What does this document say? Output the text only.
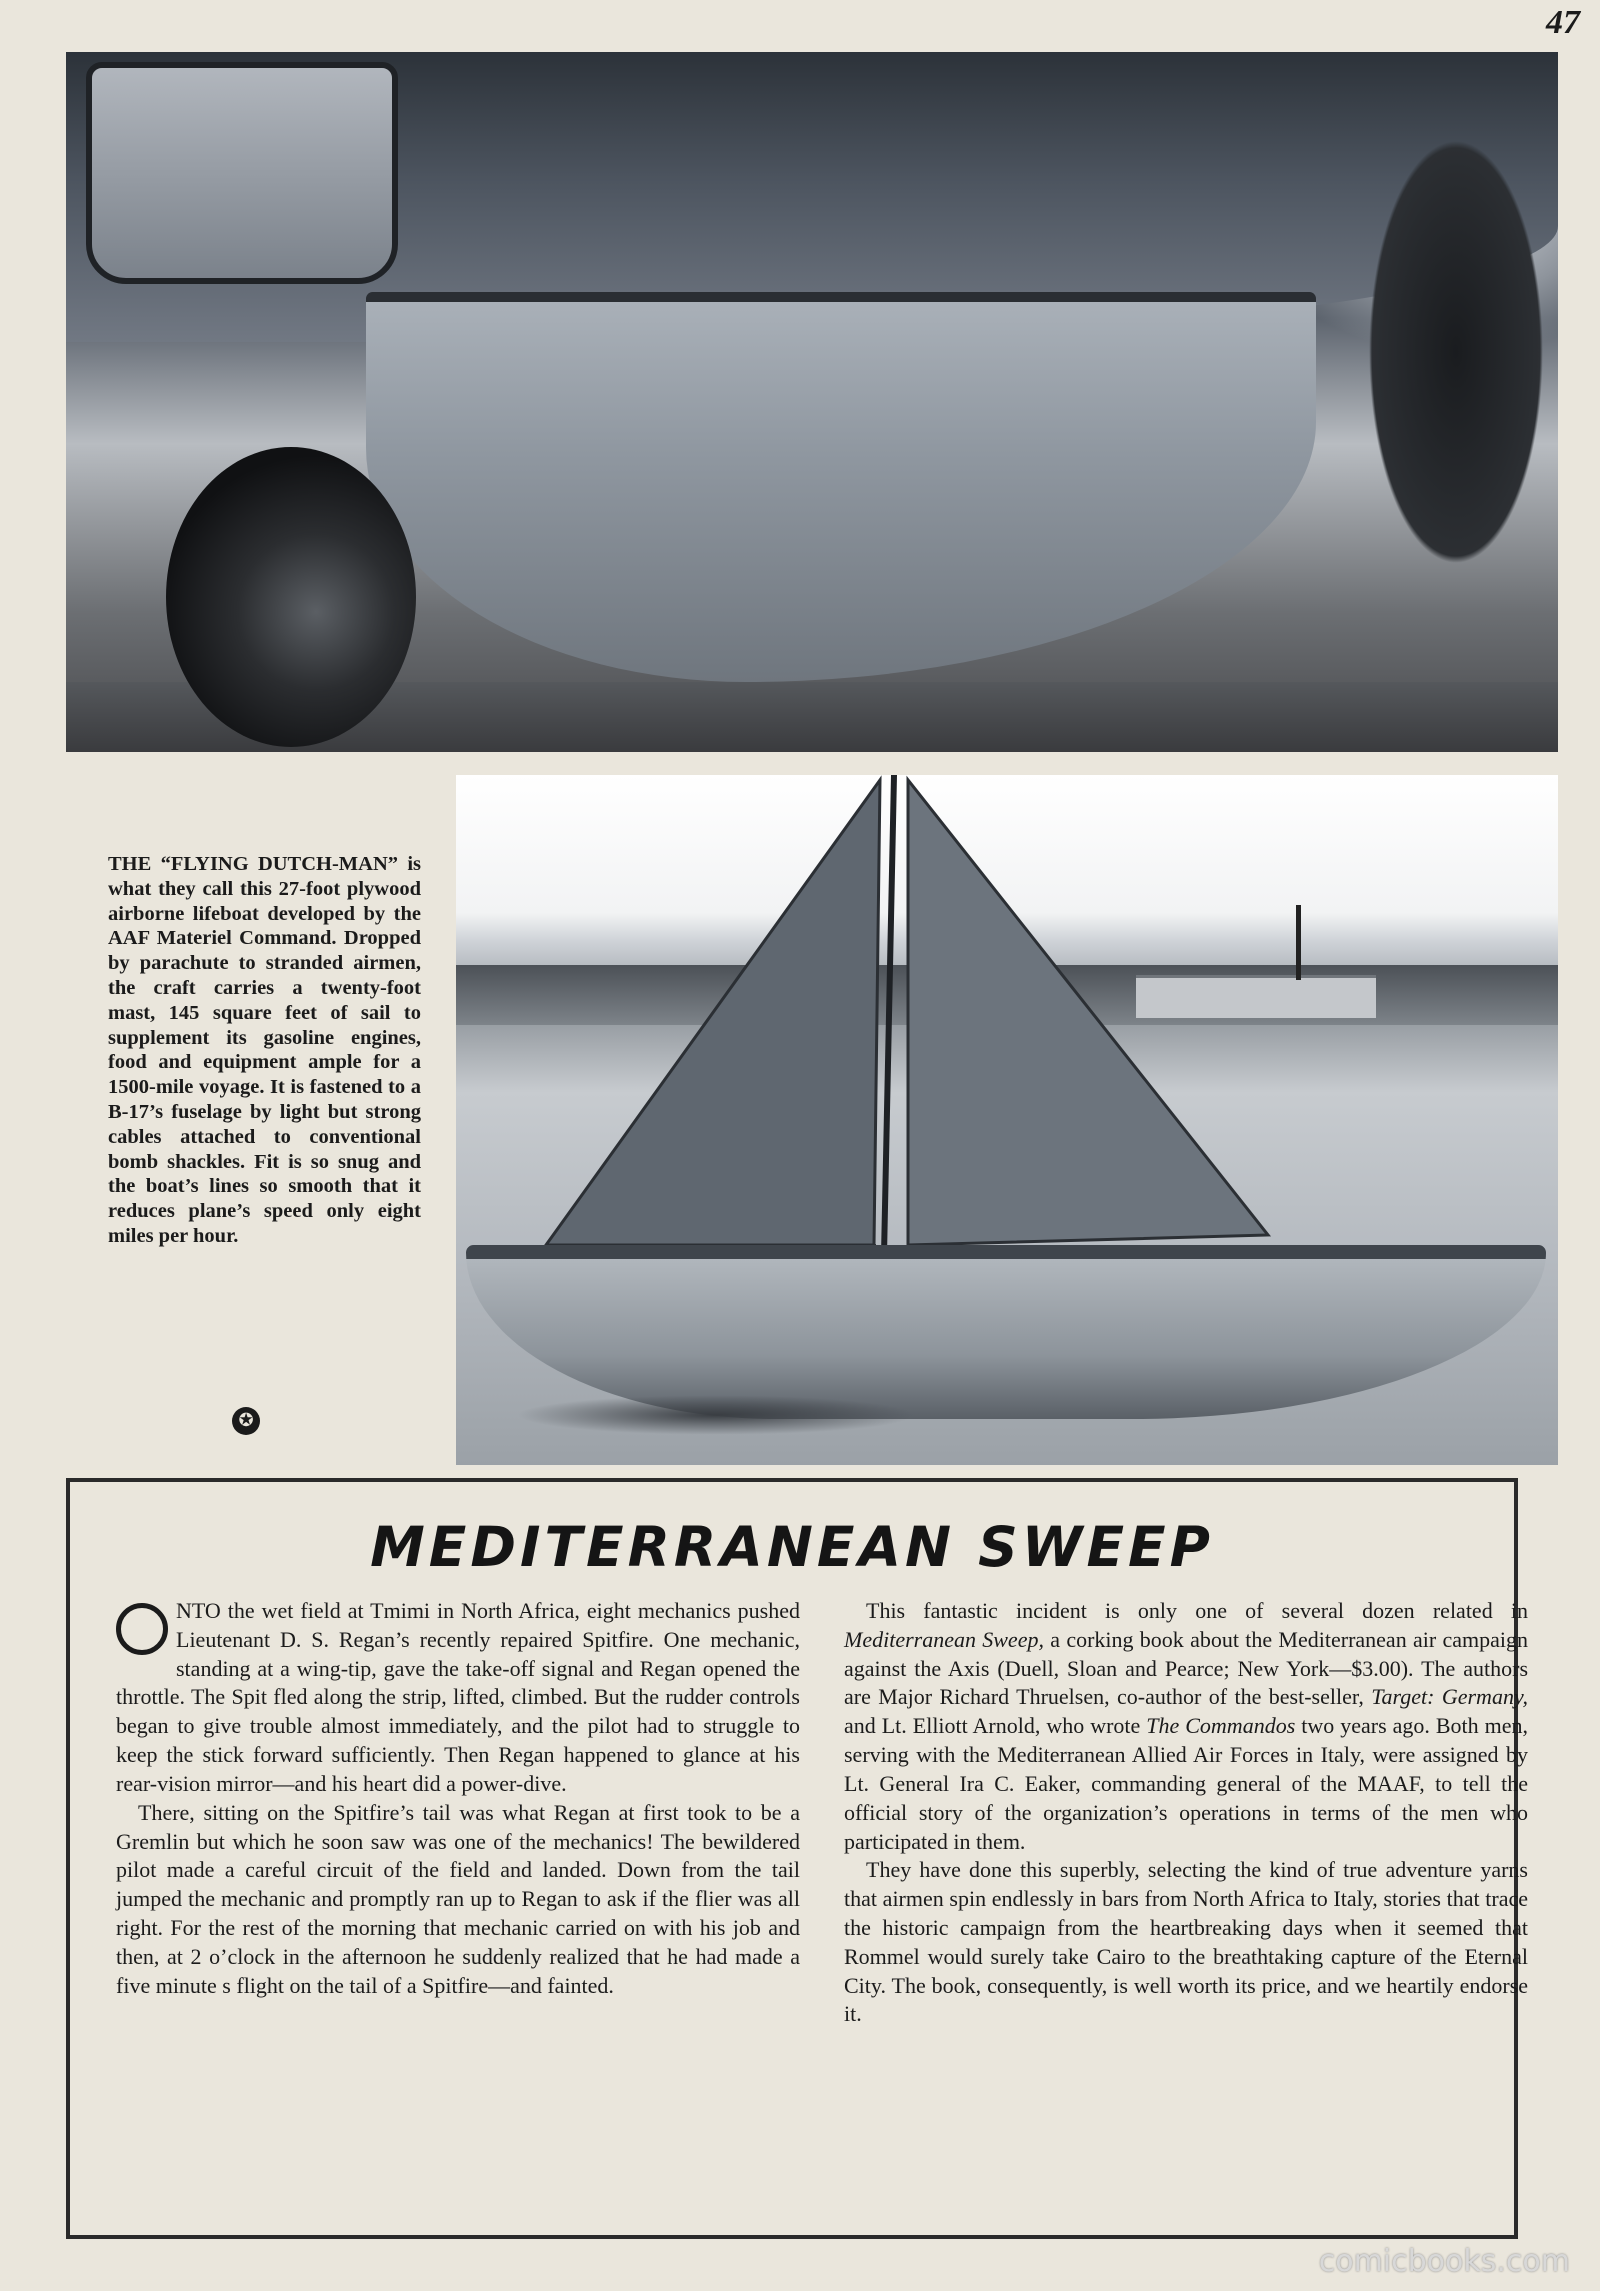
47
THE “FLYING DUTCH-MAN” is what they call this 27-foot plywood airborne lifeboat developed by the AAF Materiel Command. Dropped by parachute to stranded airmen, the craft carries a twenty-foot mast, 145 square feet of sail to supplement its gasoline engines, food and equipment ample for a 1500-mile voyage. It is fastened to a B-17’s fuselage by light but strong cables attached to conventional bomb shackles. Fit is so snug and the boat’s lines so smooth that it reduces plane’s speed only eight miles per hour.
✪
MEDITERRANEAN SWEEP

NTO the wet field at Tmimi in North Africa, eight mechanics pushed Lieutenant D. S. Regan’s recently repaired Spitfire. One mechanic, standing at a wing-tip, gave the take-off signal and Regan opened the throttle. The Spit fled along the strip, lifted, climbed. But the rudder controls began to give trouble almost immediately, and the pilot had to struggle to keep the stick forward sufficiently. Then Regan happened to glance at his rear-vision mirror—and his heart did a power-dive.

There, sitting on the Spitfire’s tail was what Regan at first took to be a Gremlin but which he soon saw was one of the mechanics! The bewildered pilot made a careful circuit of the field and landed. Down from the tail jumped the mechanic and promptly ran up to Regan to ask if the flier was all right. For the rest of the morning that mechanic carried on with his job and then, at 2 o’clock in the afternoon he suddenly realized that he had made a five minute s flight on the tail of a Spitfire—and fainted.

This fantastic incident is only one of several dozen related in Mediterranean Sweep, a corking book about the Mediterranean air campaign against the Axis (Duell, Sloan and Pearce; New York—$3.00). The authors are Major Richard Thruelsen, co-author of the best-seller, Target: Germany, and Lt. Elliott Arnold, who wrote The Commandos two years ago. Both men, serving with the Mediterranean Allied Air Forces in Italy, were assigned by Lt. General Ira C. Eaker, commanding general of the MAAF, to tell the official story of the organization’s operations in terms of the men who participated in them.

They have done this superbly, selecting the kind of true adventure yarns that airmen spin endlessly in bars from North Africa to Italy, stories that trace the historic campaign from the heartbreaking days when it seemed that Rommel would surely take Cairo to the breathtaking capture of the Eternal City. The book, consequently, is well worth its price, and we heartily endorse it.

comicbooks.com
